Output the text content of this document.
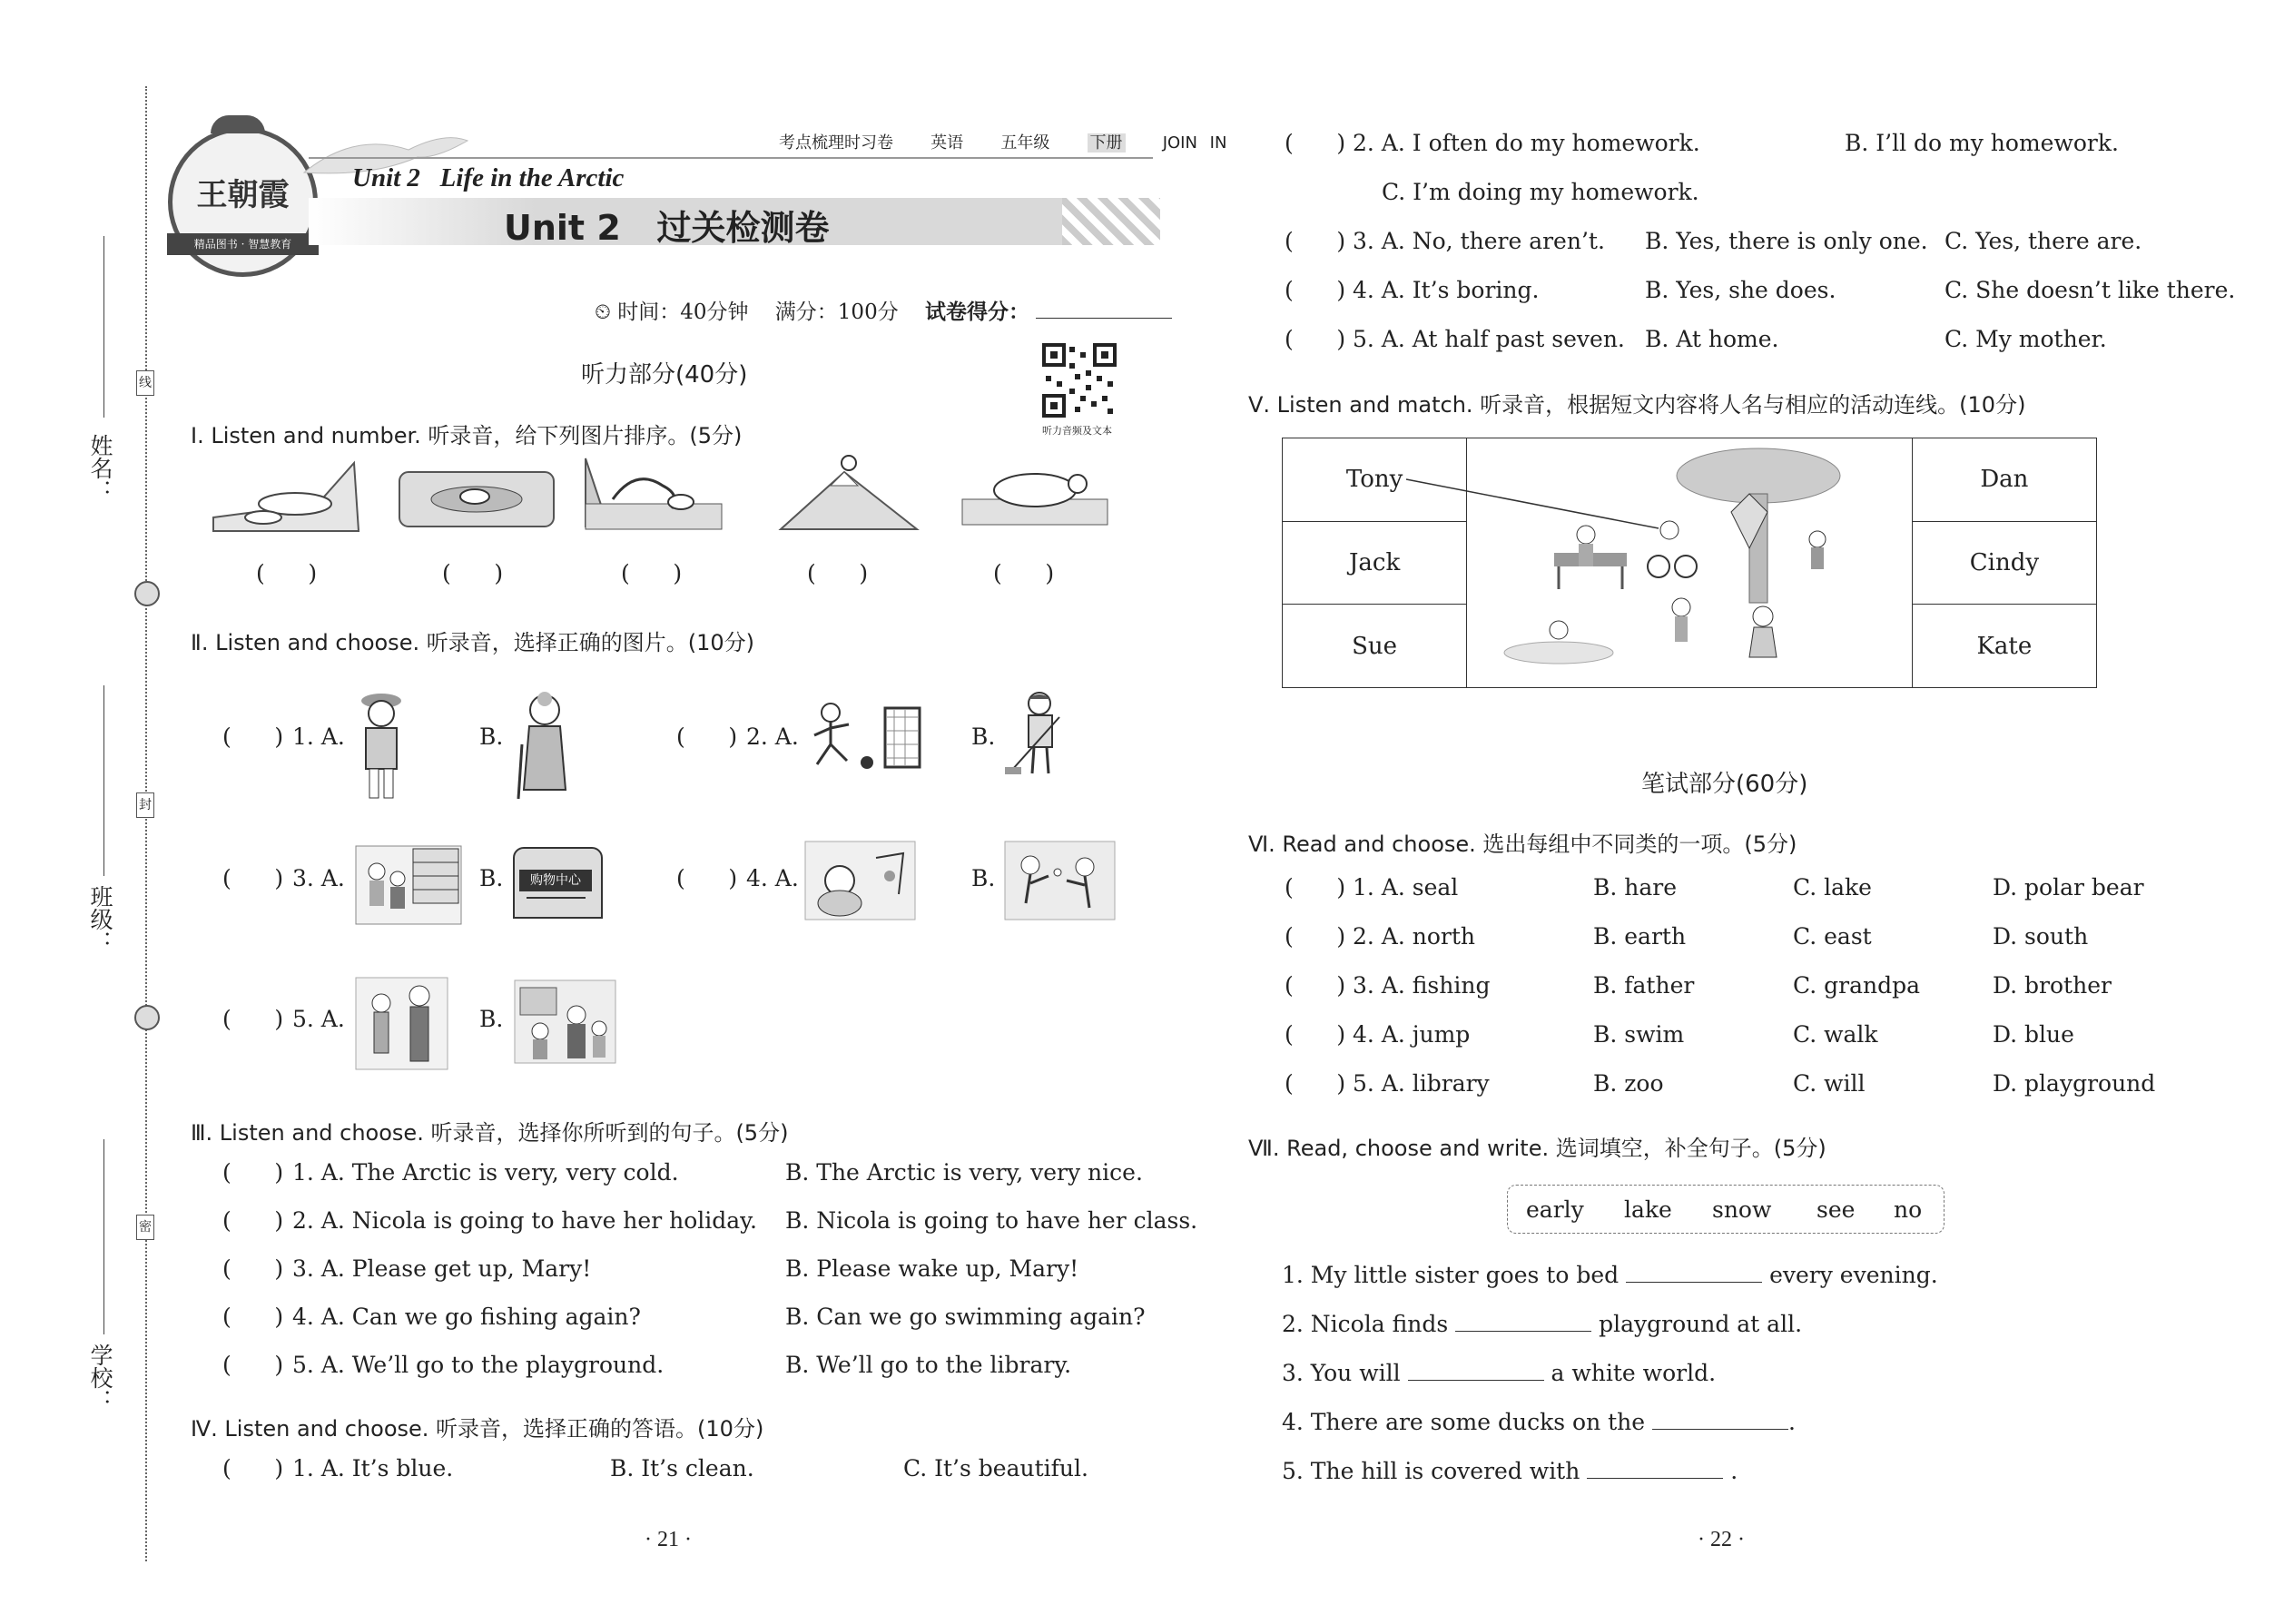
姓名：
班级：
学校：
线
封
密
王朝霞
精品图书 · 智慧教育
考点梳理时习卷 英语 五年级 下册 JOIN IN
Unit 2   Life in the Arctic
Unit 2   过关检测卷
⏲ 时间：40分钟 满分：100分 试卷得分：
听力部分(40分)
听力音频及文本
Ⅰ. Listen and number. 听录音，给下列图片排序。(5分)
(      )	(      )	(      )	(      )	(      )
Ⅱ. Listen and choose. 听录音，选择正确的图片。(10分)
(      ) 1. A.	B.	(      ) 2. A.	B.
(      ) 3. A.	B.	购物中心	(      ) 4. A.	B.
(      ) 5. A.	B.
Ⅲ. Listen and choose. 听录音，选择你所听到的句子。(5分)
(      ) 1. A. The Arctic is very, very cold.	B. The Arctic is very, very nice.
(      ) 2. A. Nicola is going to have her holiday. B. Nicola is going to have her class.
(      ) 3. A. Please get up, Mary!	B. Please wake up, Mary!
(      ) 4. A. Can we go fishing again?	B. Can we go swimming again?
(      ) 5. A. We’ll go to the playground.	B. We’ll go to the library.
Ⅳ. Listen and choose. 听录音，选择正确的答语。(10分)
(      ) 1. A. It’s blue.	B. It’s clean.	C. It’s beautiful.
· 21 ·
(      ) 2. A. I often do my homework.	B. I’ll do my homework.
C. I’m doing my homework.
(      ) 3. A. No, there aren’t. B. Yes, there is only one. C. Yes, there are.
(      ) 4. A. It’s boring.	B. Yes, she does.	C. She doesn’t like there.
(      ) 5. A. At half past seven. B. At home.	C. My mother.
Ⅴ. Listen and match. 听录音，根据短文内容将人名与相应的活动连线。(10分)
Tony		Dan
Jack		Cindy
Sue		Kate
笔试部分(60分)
Ⅵ. Read and choose. 选出每组中不同类的一项。(5分)
(      ) 1. A. seal	B. hare	C. lake	D. polar bear
(      ) 2. A. north	B. earth	C. east	D. south
(      ) 3. A. fishing	B. father	C. grandpa	D. brother
(      ) 4. A. jump	B. swim	C. walk	D. blue
(      ) 5. A. library	B. zoo	C. will	D. playground
Ⅶ. Read, choose and write. 选词填空，补全句子。(5分)
early lake snow see no
1. My little sister goes to bed	every evening.
2. Nicola finds	playground at all.
3. You will	a white world.
4. There are some ducks on the	.
5. The hill is covered with	.
· 22 ·
